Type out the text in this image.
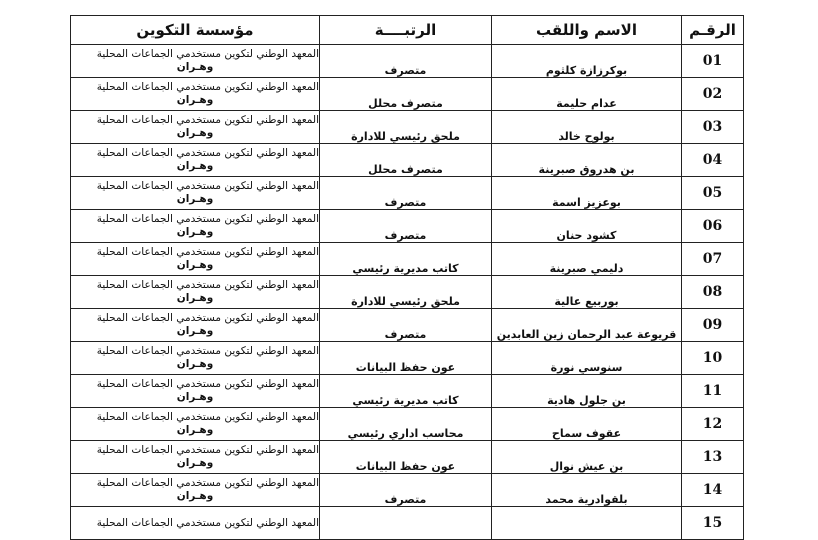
الرقـم	الاسم واللقب	الرتبــــة	مؤسسة التكوين
01	بوكرزازة كلثوم	متصرف	المعهد الوطني لتكوين مستخدمي الجماعات المحلية
وهـران

02	عدام حليمة	متصرف محلل	المعهد الوطني لتكوين مستخدمي الجماعات المحلية
وهـران

03	بولوح خالد	ملحق رئيسي للادارة	المعهد الوطني لتكوين مستخدمي الجماعات المحلية
وهـران

04	بن هدروق صبرينة	متصرف محلل	المعهد الوطني لتكوين مستخدمي الجماعات المحلية
وهـران

05	بوعزيز اسمة	متصرف	المعهد الوطني لتكوين مستخدمي الجماعات المحلية
وهـران

06	كشود حنان	متصرف	المعهد الوطني لتكوين مستخدمي الجماعات المحلية
وهـران

07	دليمي صبرينة	كاتب مديرية رئيسي	المعهد الوطني لتكوين مستخدمي الجماعات المحلية
وهـران

08	بوربيع عالية	ملحق رئيسي للادارة	المعهد الوطني لتكوين مستخدمي الجماعات المحلية
وهـران

09	قريوعة عبد الرحمان زين العابدين	متصرف	المعهد الوطني لتكوين مستخدمي الجماعات المحلية
وهـران

10	سنوسي نورة	عون حفظ البيانات	المعهد الوطني لتكوين مستخدمي الجماعات المحلية
وهـران

11	بن جلول هادية	كاتب مديرية رئيسي	المعهد الوطني لتكوين مستخدمي الجماعات المحلية
وهـران

12	عقوف سماح	محاسب اداري رئيسي	المعهد الوطني لتكوين مستخدمي الجماعات المحلية
وهـران

13	بن عيش نوال	عون حفظ البيانات	المعهد الوطني لتكوين مستخدمي الجماعات المحلية
وهـران

14	بلقوادرية محمد	متصرف	المعهد الوطني لتكوين مستخدمي الجماعات المحلية
وهـران

15			المعهد الوطني لتكوين مستخدمي الجماعات المحلية
